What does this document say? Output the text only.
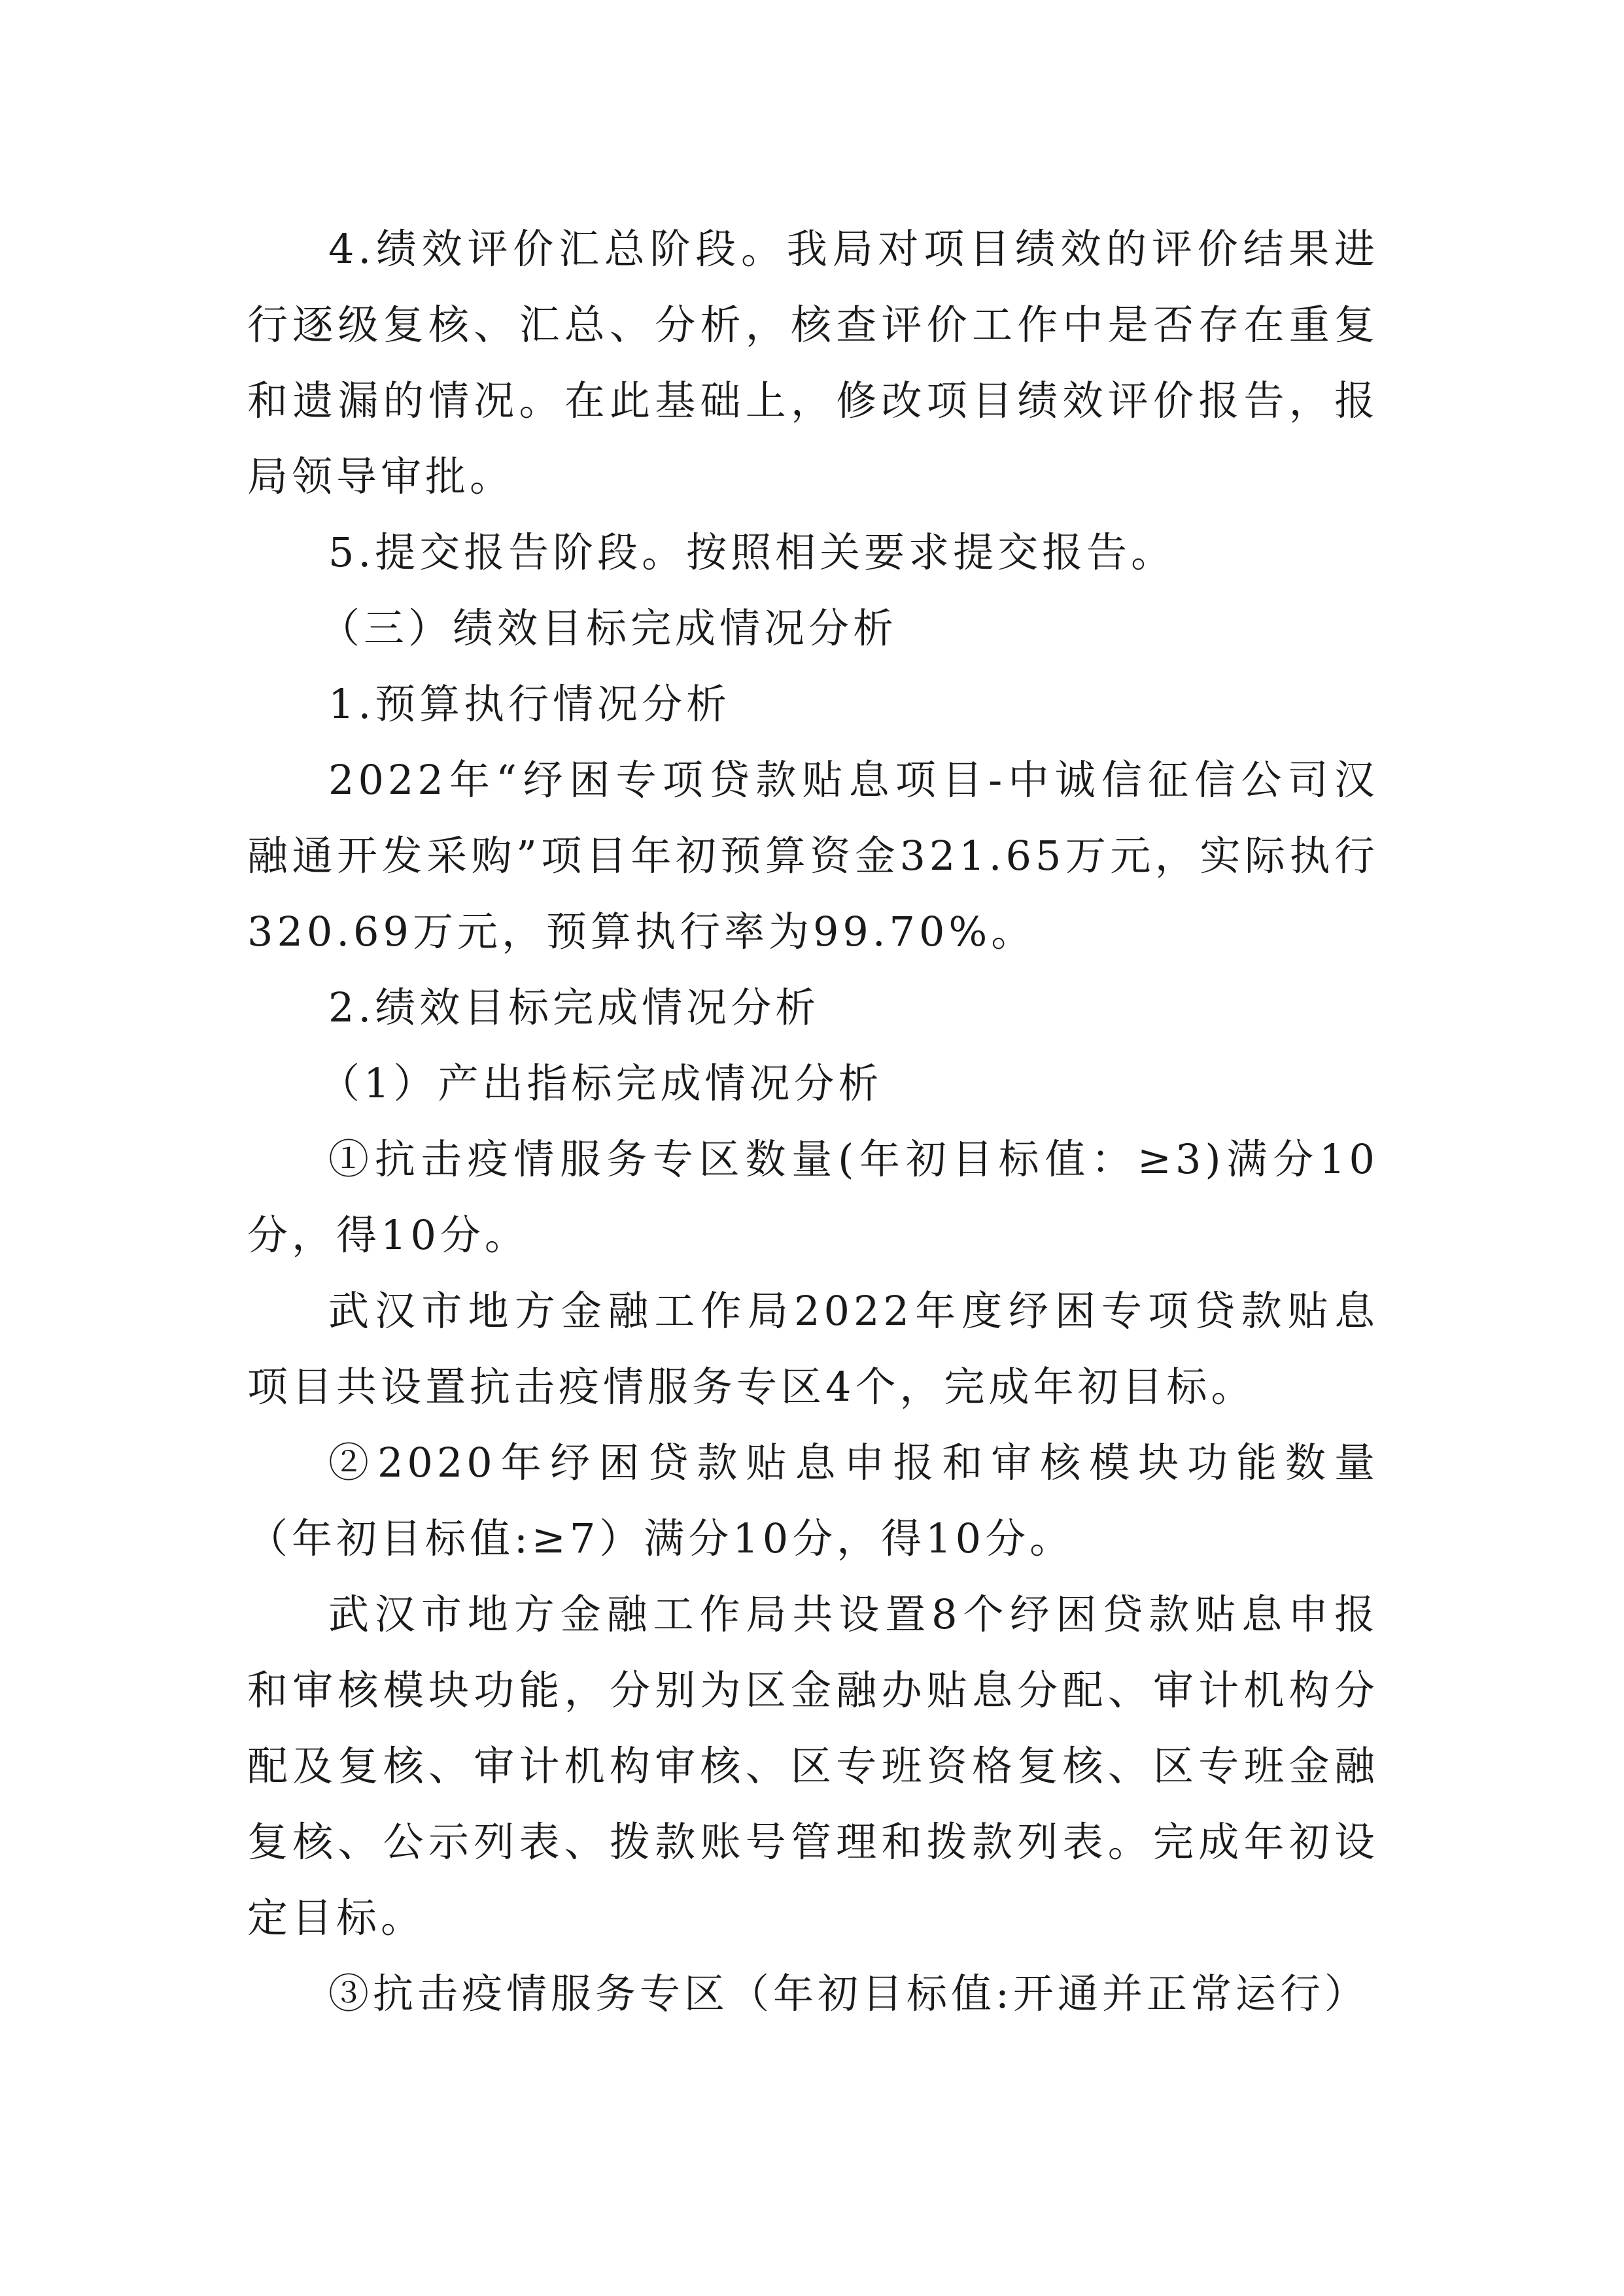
4.绩效评价汇总阶段。我局对项目绩效的评价结果进行逐级复核、汇总、分析，核查评价工作中是否存在重复和遗漏的情况。在此基础上，修改项目绩效评价报告，报局领导审批。

5.提交报告阶段。按照相关要求提交报告。

（三）绩效目标完成情况分析

1.预算执行情况分析

2022年“纾困专项贷款贴息项目-中诚信征信公司汉融通开发采购”项目年初预算资金321.65万元，实际执行320.69万元，预算执行率为99.70%。

2.绩效目标完成情况分析

（1）产出指标完成情况分析

①抗击疫情服务专区数量(年初目标值：≥3)满分10分，得10分。

武汉市地方金融工作局2022年度纾困专项贷款贴息项目共设置抗击疫情服务专区4个，完成年初目标。

②2020年纾困贷款贴息申报和审核模块功能数量（年初目标值:≥7）满分10分，得10分。

武汉市地方金融工作局共设置8个纾困贷款贴息申报和审核模块功能，分别为区金融办贴息分配、审计机构分配及复核、审计机构审核、区专班资格复核、区专班金融复核、公示列表、拨款账号管理和拨款列表。完成年初设定目标。

③抗击疫情服务专区（年初目标值:开通并正常运行）
